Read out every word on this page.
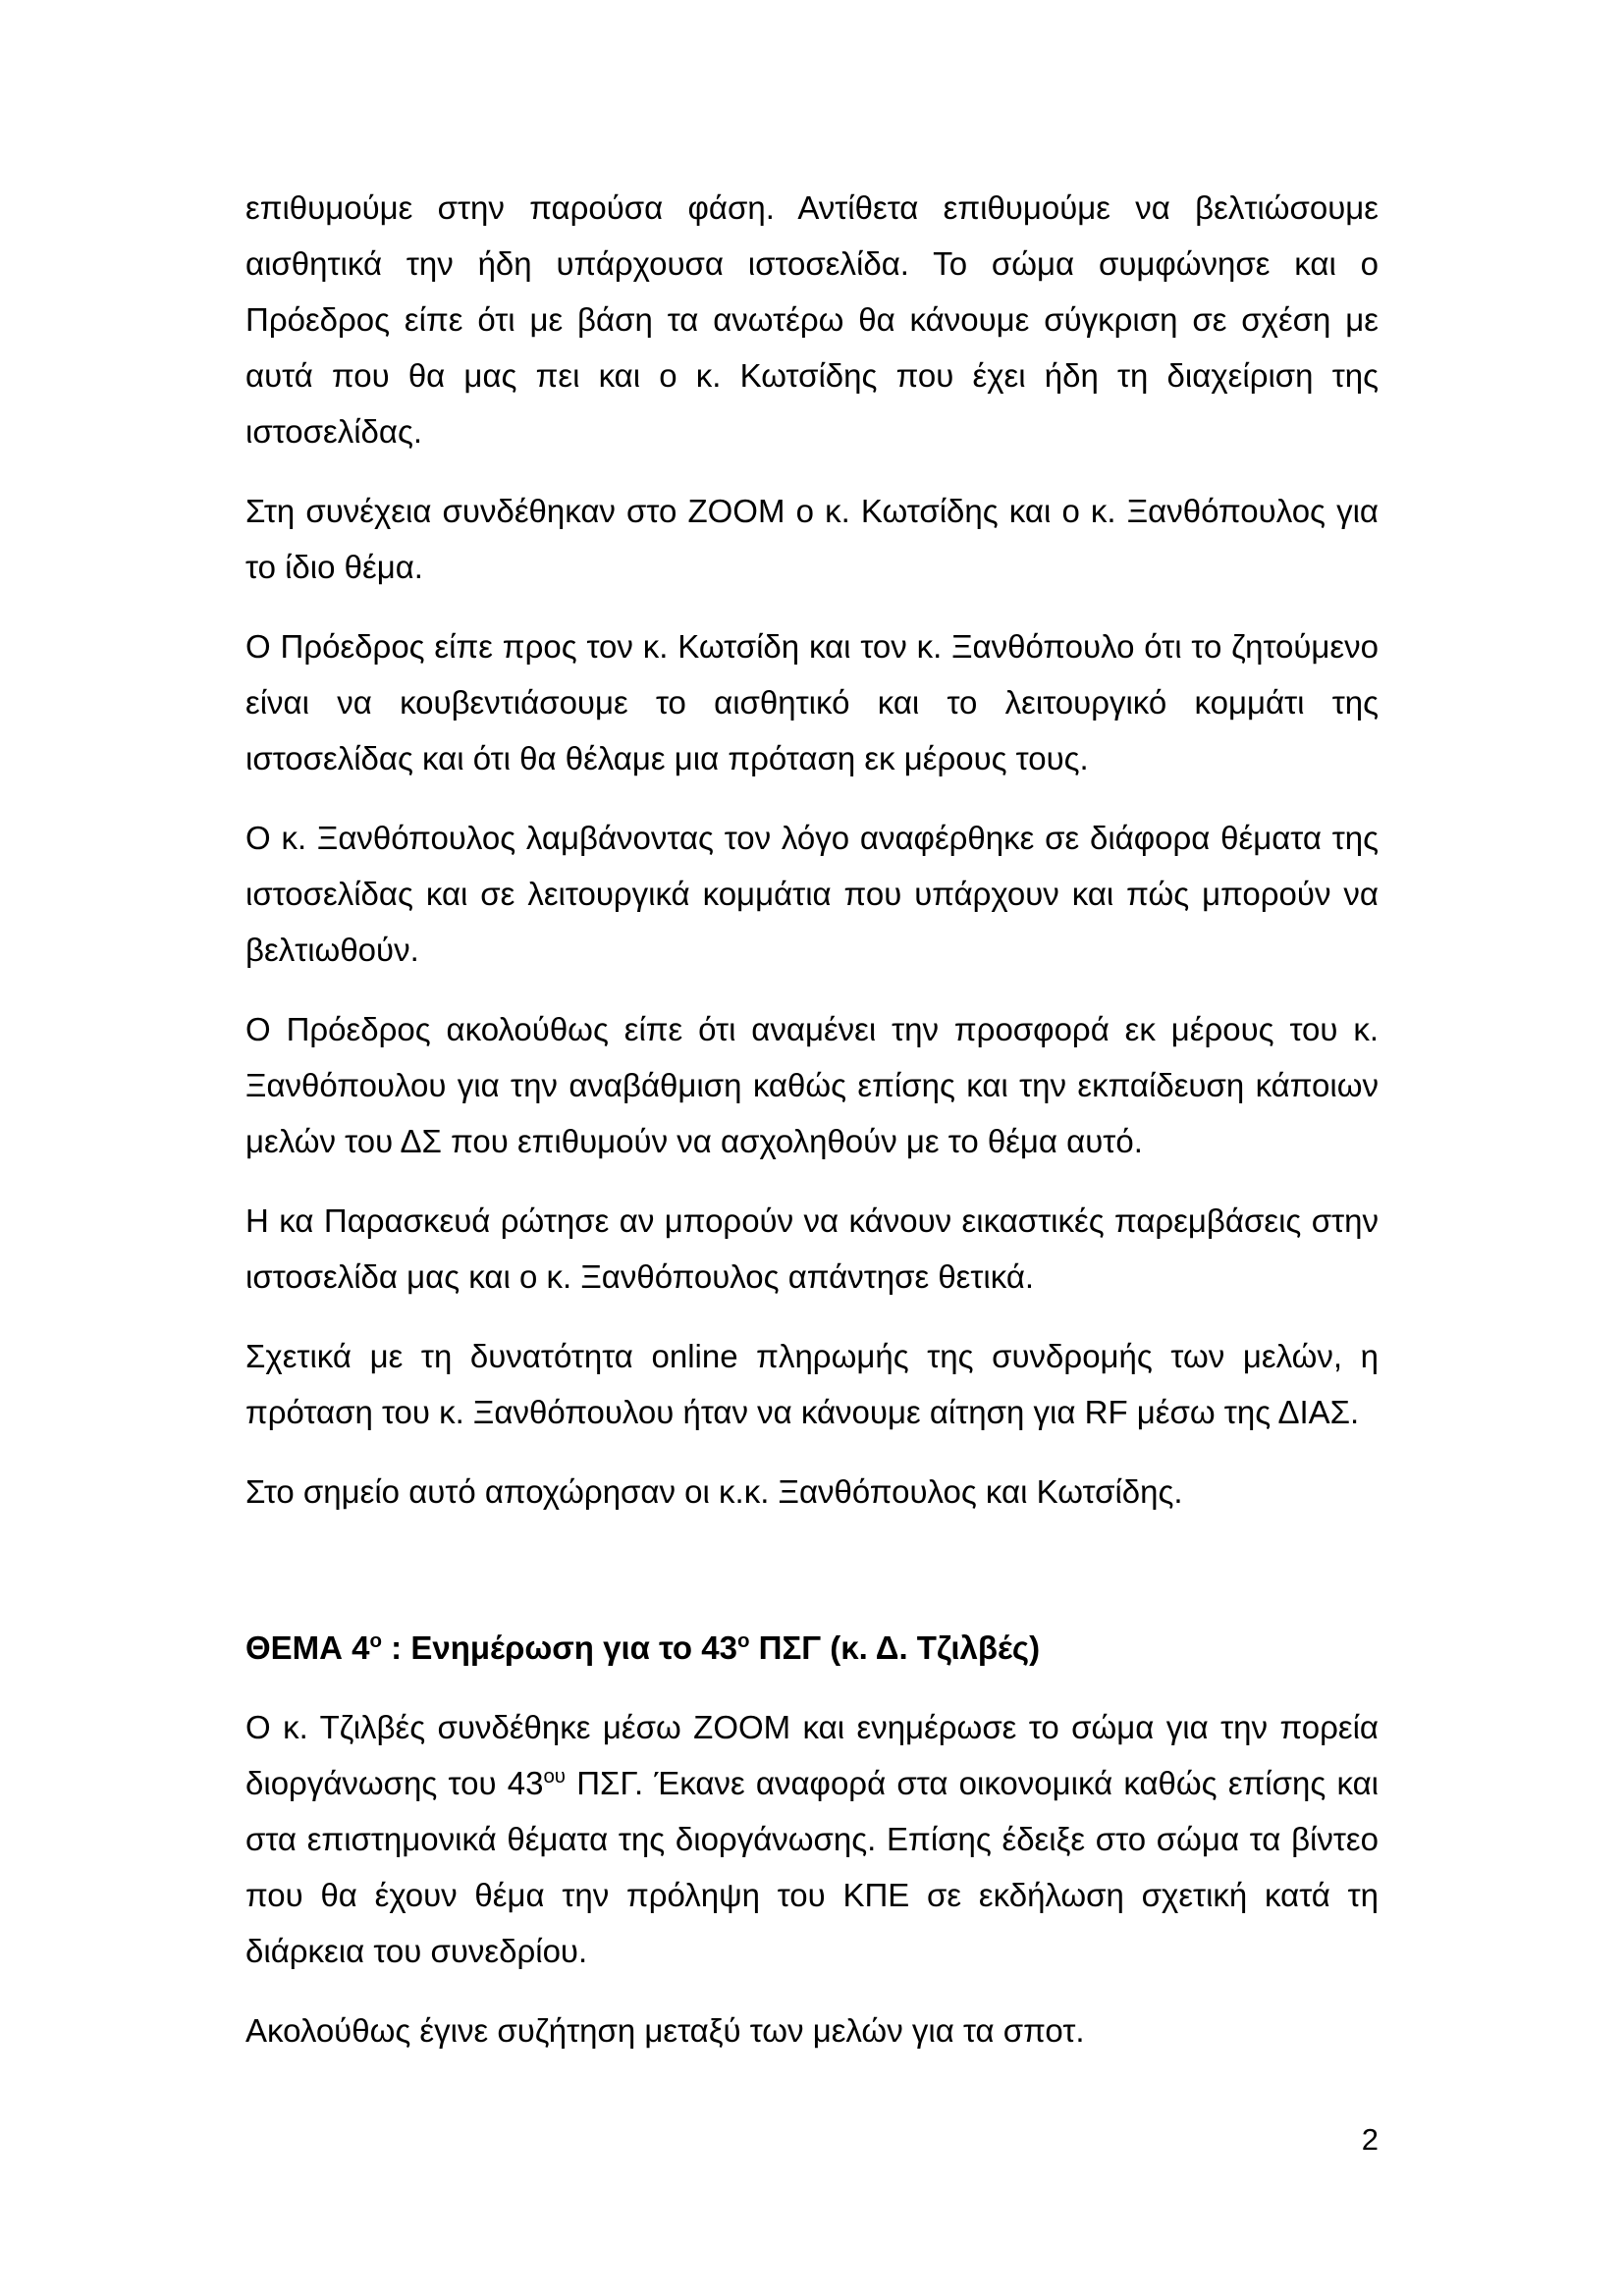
επιθυμούμε στην παρούσα φάση. Αντίθετα επιθυμούμε να βελτιώσουμε αισθητικά την ήδη υπάρχουσα ιστοσελίδα. Το σώμα συμφώνησε και ο Πρόεδρος είπε ότι με βάση τα ανωτέρω θα κάνουμε σύγκριση σε σχέση με αυτά που θα μας πει και ο κ. Κωτσίδης που έχει ήδη τη διαχείριση της ιστοσελίδας.

Στη συνέχεια συνδέθηκαν στο ZOOM ο κ. Κωτσίδης και ο κ. Ξανθόπουλος για το ίδιο θέμα.

Ο Πρόεδρος είπε προς τον κ. Κωτσίδη και τον κ. Ξανθόπουλο ότι το ζητούμενο είναι να κουβεντιάσουμε το αισθητικό και το λειτουργικό κομμάτι της ιστοσελίδας και ότι θα θέλαμε μια πρόταση εκ μέρους τους.

Ο κ. Ξανθόπουλος λαμβάνοντας τον λόγο αναφέρθηκε σε διάφορα θέματα της ιστοσελίδας και σε λειτουργικά κομμάτια που υπάρχουν και πώς μπορούν να βελτιωθούν.

Ο Πρόεδρος ακολούθως είπε ότι αναμένει την προσφορά εκ μέρους του κ. Ξανθόπουλου για την αναβάθμιση καθώς επίσης και την εκπαίδευση κάποιων μελών του ΔΣ που επιθυμούν να ασχοληθούν με το θέμα αυτό.

Η κα Παρασκευά ρώτησε αν μπορούν να κάνουν εικαστικές παρεμβάσεις στην ιστοσελίδα μας και ο κ. Ξανθόπουλος απάντησε θετικά.

Σχετικά με τη δυνατότητα online πληρωμής της συνδρομής των μελών, η πρόταση του κ. Ξανθόπουλου ήταν να κάνουμε αίτηση για RF μέσω της ΔΙΑΣ.

Στο σημείο αυτό αποχώρησαν οι κ.κ. Ξανθόπουλος και Κωτσίδης.

ΘΕΜΑ $4^o$ : Ενημέρωση για το $43^o$ ΠΣΓ (κ. Δ. Τζιλβές)

Ο κ. Τζιλβές συνδέθηκε μέσω ZOOM και ενημέρωσε το σώμα για την πορεία διοργάνωσης του $43^{o\upsilon}$ ΠΣΓ. Έκανε αναφορά στα οικονομικά καθώς επίσης και στα επιστημονικά θέματα της διοργάνωσης. Επίσης έδειξε στο σώμα τα βίντεο που θα έχουν θέμα την πρόληψη του ΚΠΕ σε εκδήλωση σχετική κατά τη διάρκεια του συνεδρίου.

Ακολούθως έγινε συζήτηση μεταξύ των μελών για τα σποτ.

2
